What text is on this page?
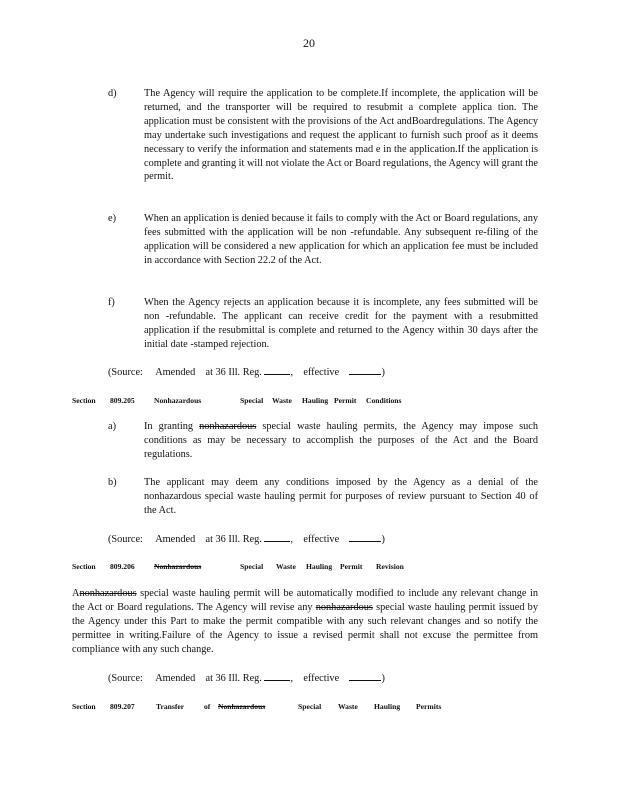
20
d)	The Agency will require the application to be complete.If incomplete, the application will be returned, and the transporter will be required to resubmit a complete applica tion. The application must be consistent with the provisions of the Act andBoardregulations. The Agency may undertake such investigations and request the applicant to furnish such proof as it deems necessary to verify the information and statements mad e in the application.If the application is complete and granting it will not violate the Act or Board regulations, the Agency will grant the permit.
e)	When an application is denied because it fails to comply with the Act or Board regulations, any fees submitted with the application will be non -refundable. Any subsequent re-filing of the application will be considered a new application for which an application fee must be included in accordance with Section 22.2 of the Act.
f)	When the Agency rejects an application because it is incomplete, any fees submitted will be non -refundable. The applicant can receive credit for the payment with a resubmitted application if the resubmittal is complete and returned to the Agency within 30 days after the initial date -stamped rejection.
(Source: Amended at 36 Ill. Reg.	, effective	)
Section	809.205	Nonhazardous	Special	Waste	Hauling Permit	Conditions
a)	In granting nonhazardous special waste hauling permits, the Agency may impose such conditions as may be necessary to accomplish the purposes of the Act and the Board regulations.
b)	The applicant may deem any conditions imposed by the Agency as a denial of the nonhazardous special waste hauling permit for purposes of review pursuant to Section 40 of the Act.
(Source: Amended at 36 Ill. Reg.	, effective	)
Section	809.206	Nonhazardous	Special	Waste	Hauling	Permit	Revision
Anonhazardous special waste hauling permit will be automatically modified to include any relevant change in the Act or Board regulations. The Agency will revise any nonhazardous special waste hauling permit issued by the Agency under this Part to make the permit compatible with any such relevant changes and so notify the permittee in writing.Failure of the Agency to issue a revised permit shall not excuse the permittee from compliance with any such change.
(Source: Amended at 36 Ill. Reg.	, effective	)
Section	809.207	Transfer	of	Nonhazardous	Special	Waste	Hauling	Permits
